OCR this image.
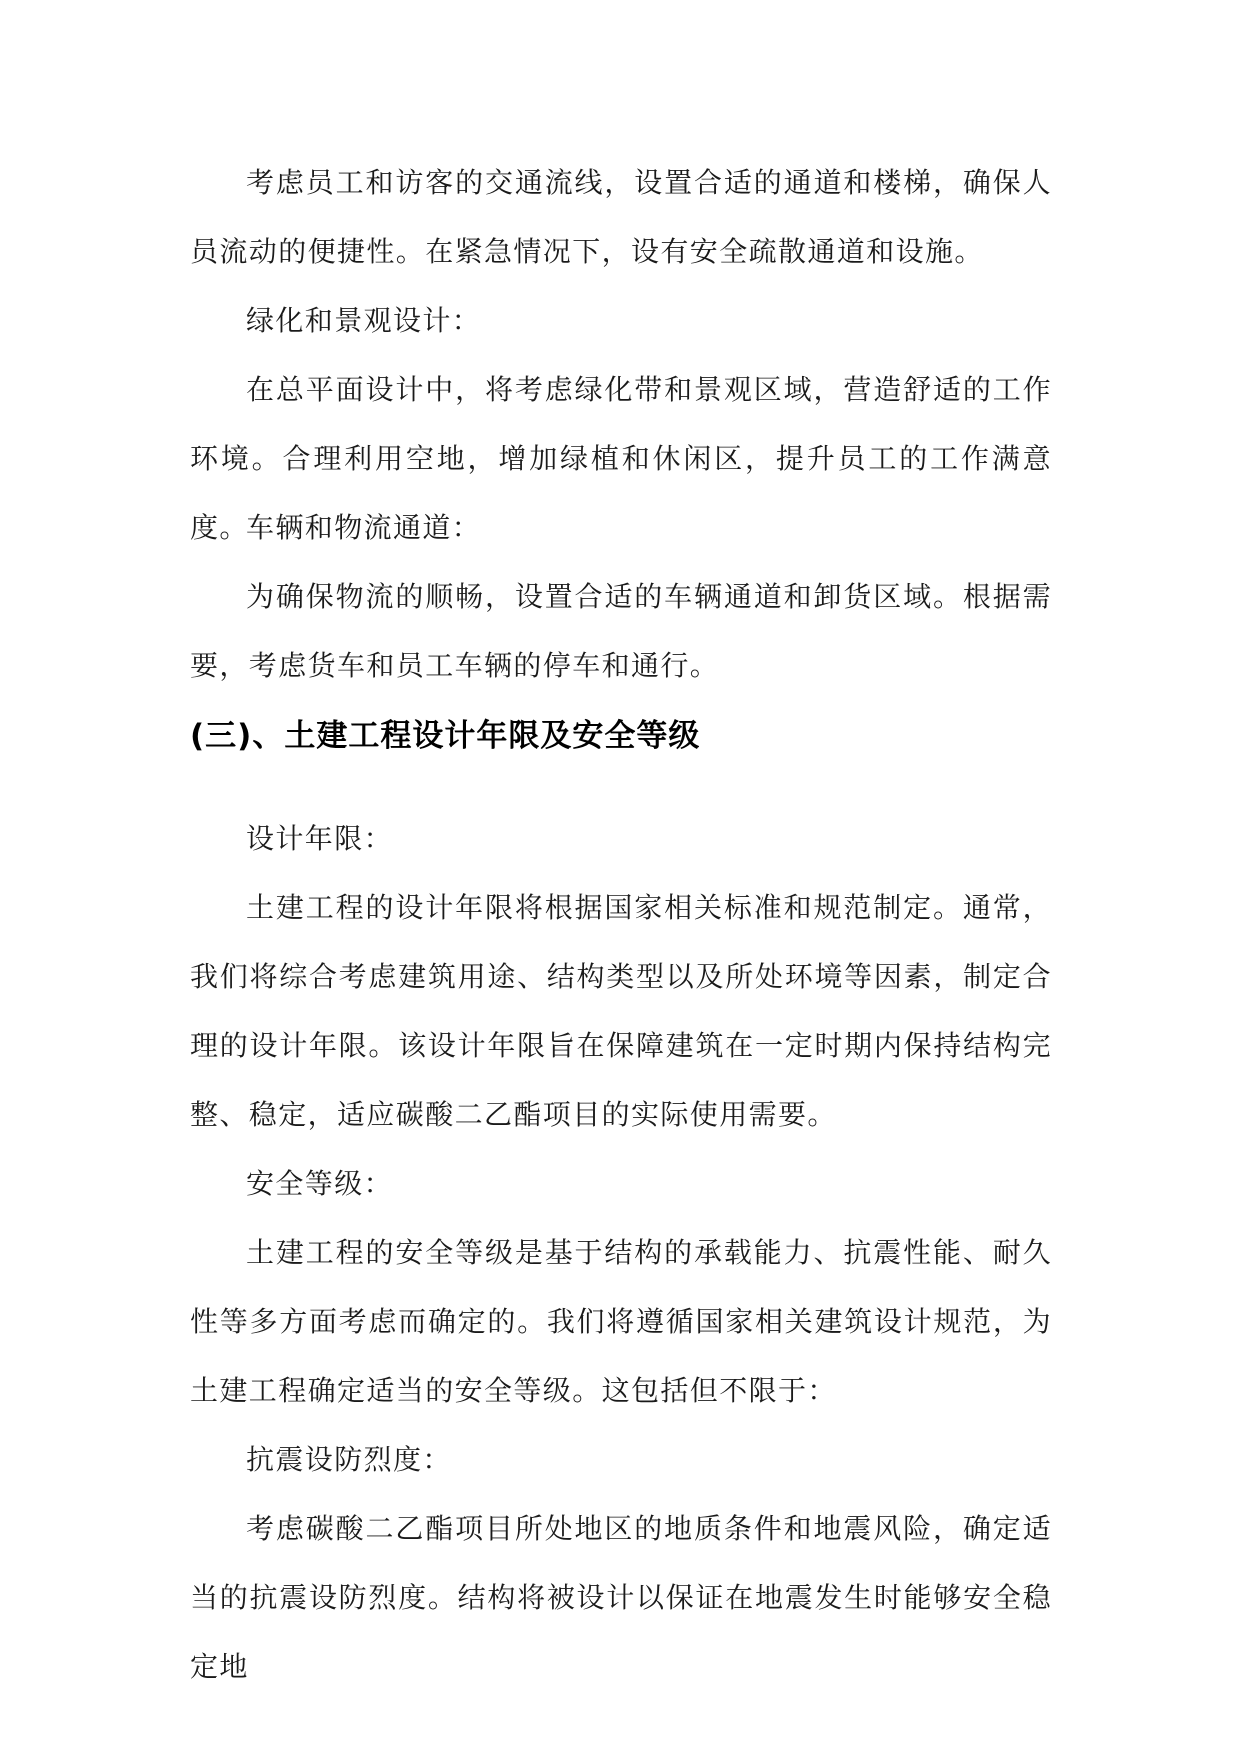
考虑员工和访客的交通流线，设置合适的通道和楼梯，确保人员流动的便捷性。在紧急情况下，设有安全疏散通道和设施。

绿化和景观设计：

在总平面设计中，将考虑绿化带和景观区域，营造舒适的工作环境。合理利用空地，增加绿植和休闲区，提升员工的工作满意度。

车辆和物流通道：

为确保物流的顺畅，设置合适的车辆通道和卸货区域。根据需要，考虑货车和员工车辆的停车和通行。

(三)、土建工程设计年限及安全等级

设计年限：

土建工程的设计年限将根据国家相关标准和规范制定。通常，我们将综合考虑建筑用途、结构类型以及所处环境等因素，制定合理的设计年限。该设计年限旨在保障建筑在一定时期内保持结构完整、稳定，适应碳酸二乙酯项目的实际使用需要。

安全等级：

土建工程的安全等级是基于结构的承载能力、抗震性能、耐久性等多方面考虑而确定的。我们将遵循国家相关建筑设计规范，为土建工程确定适当的安全等级。这包括但不限于：

抗震设防烈度：

考虑碳酸二乙酯项目所处地区的地质条件和地震风险，确定适当的抗震设防烈度。结构将被设计以保证在地震发生时能够安全稳定地
